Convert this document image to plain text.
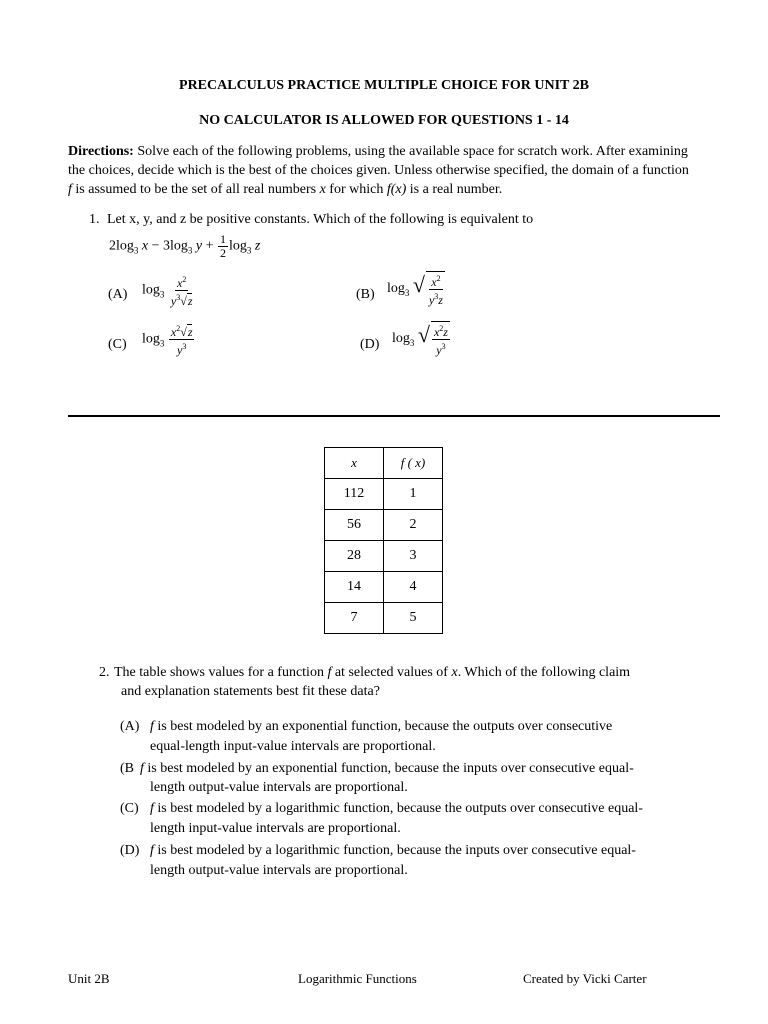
PRECALCULUS PRACTICE MULTIPLE CHOICE FOR UNIT 2B
NO CALCULATOR IS ALLOWED FOR QUESTIONS 1 - 14
Directions: Solve each of the following problems, using the available space for scratch work. After examining the choices, decide which is the best of the choices given. Unless otherwise specified, the domain of a function f is assumed to be the set of all real numbers x for which f(x) is a real number.
1. Let x, y, and z be positive constants. Which of the following is equivalent to
$2\log_3$ $x - 3\log_3$ $y + \frac{1}{2} \log_3 z$
(A) $\log_3 \frac{x^2}{y^3√z}$	(B) $\log_3$ √ $\frac{x^2}{y^3z}$
(C) $\log_3 \frac{x^2√z}{y^3}$	(D) $\log_3$ √ $\frac{x^2z}{y^3}$
x	f ( x)
112	1
56	2
28	3
14	4
7	5
2. The table shows values for a function f at selected values of x. Which of the following claim
and explanation statements best fit these data?
(A) f is best modeled by an exponential function, because the outputs over consecutive
equal-length input-value intervals are proportional.
(B f is best modeled by an exponential function, because the inputs over consecutive equal-
length output-value intervals are proportional.
(C) f is best modeled by a logarithmic function, because the outputs over consecutive equal-
length input-value intervals are proportional.
(D) f is best modeled by a logarithmic function, because the inputs over consecutive equal-
length output-value intervals are proportional.
Unit 2B	Logarithmic Functions	Created by Vicki Carter
